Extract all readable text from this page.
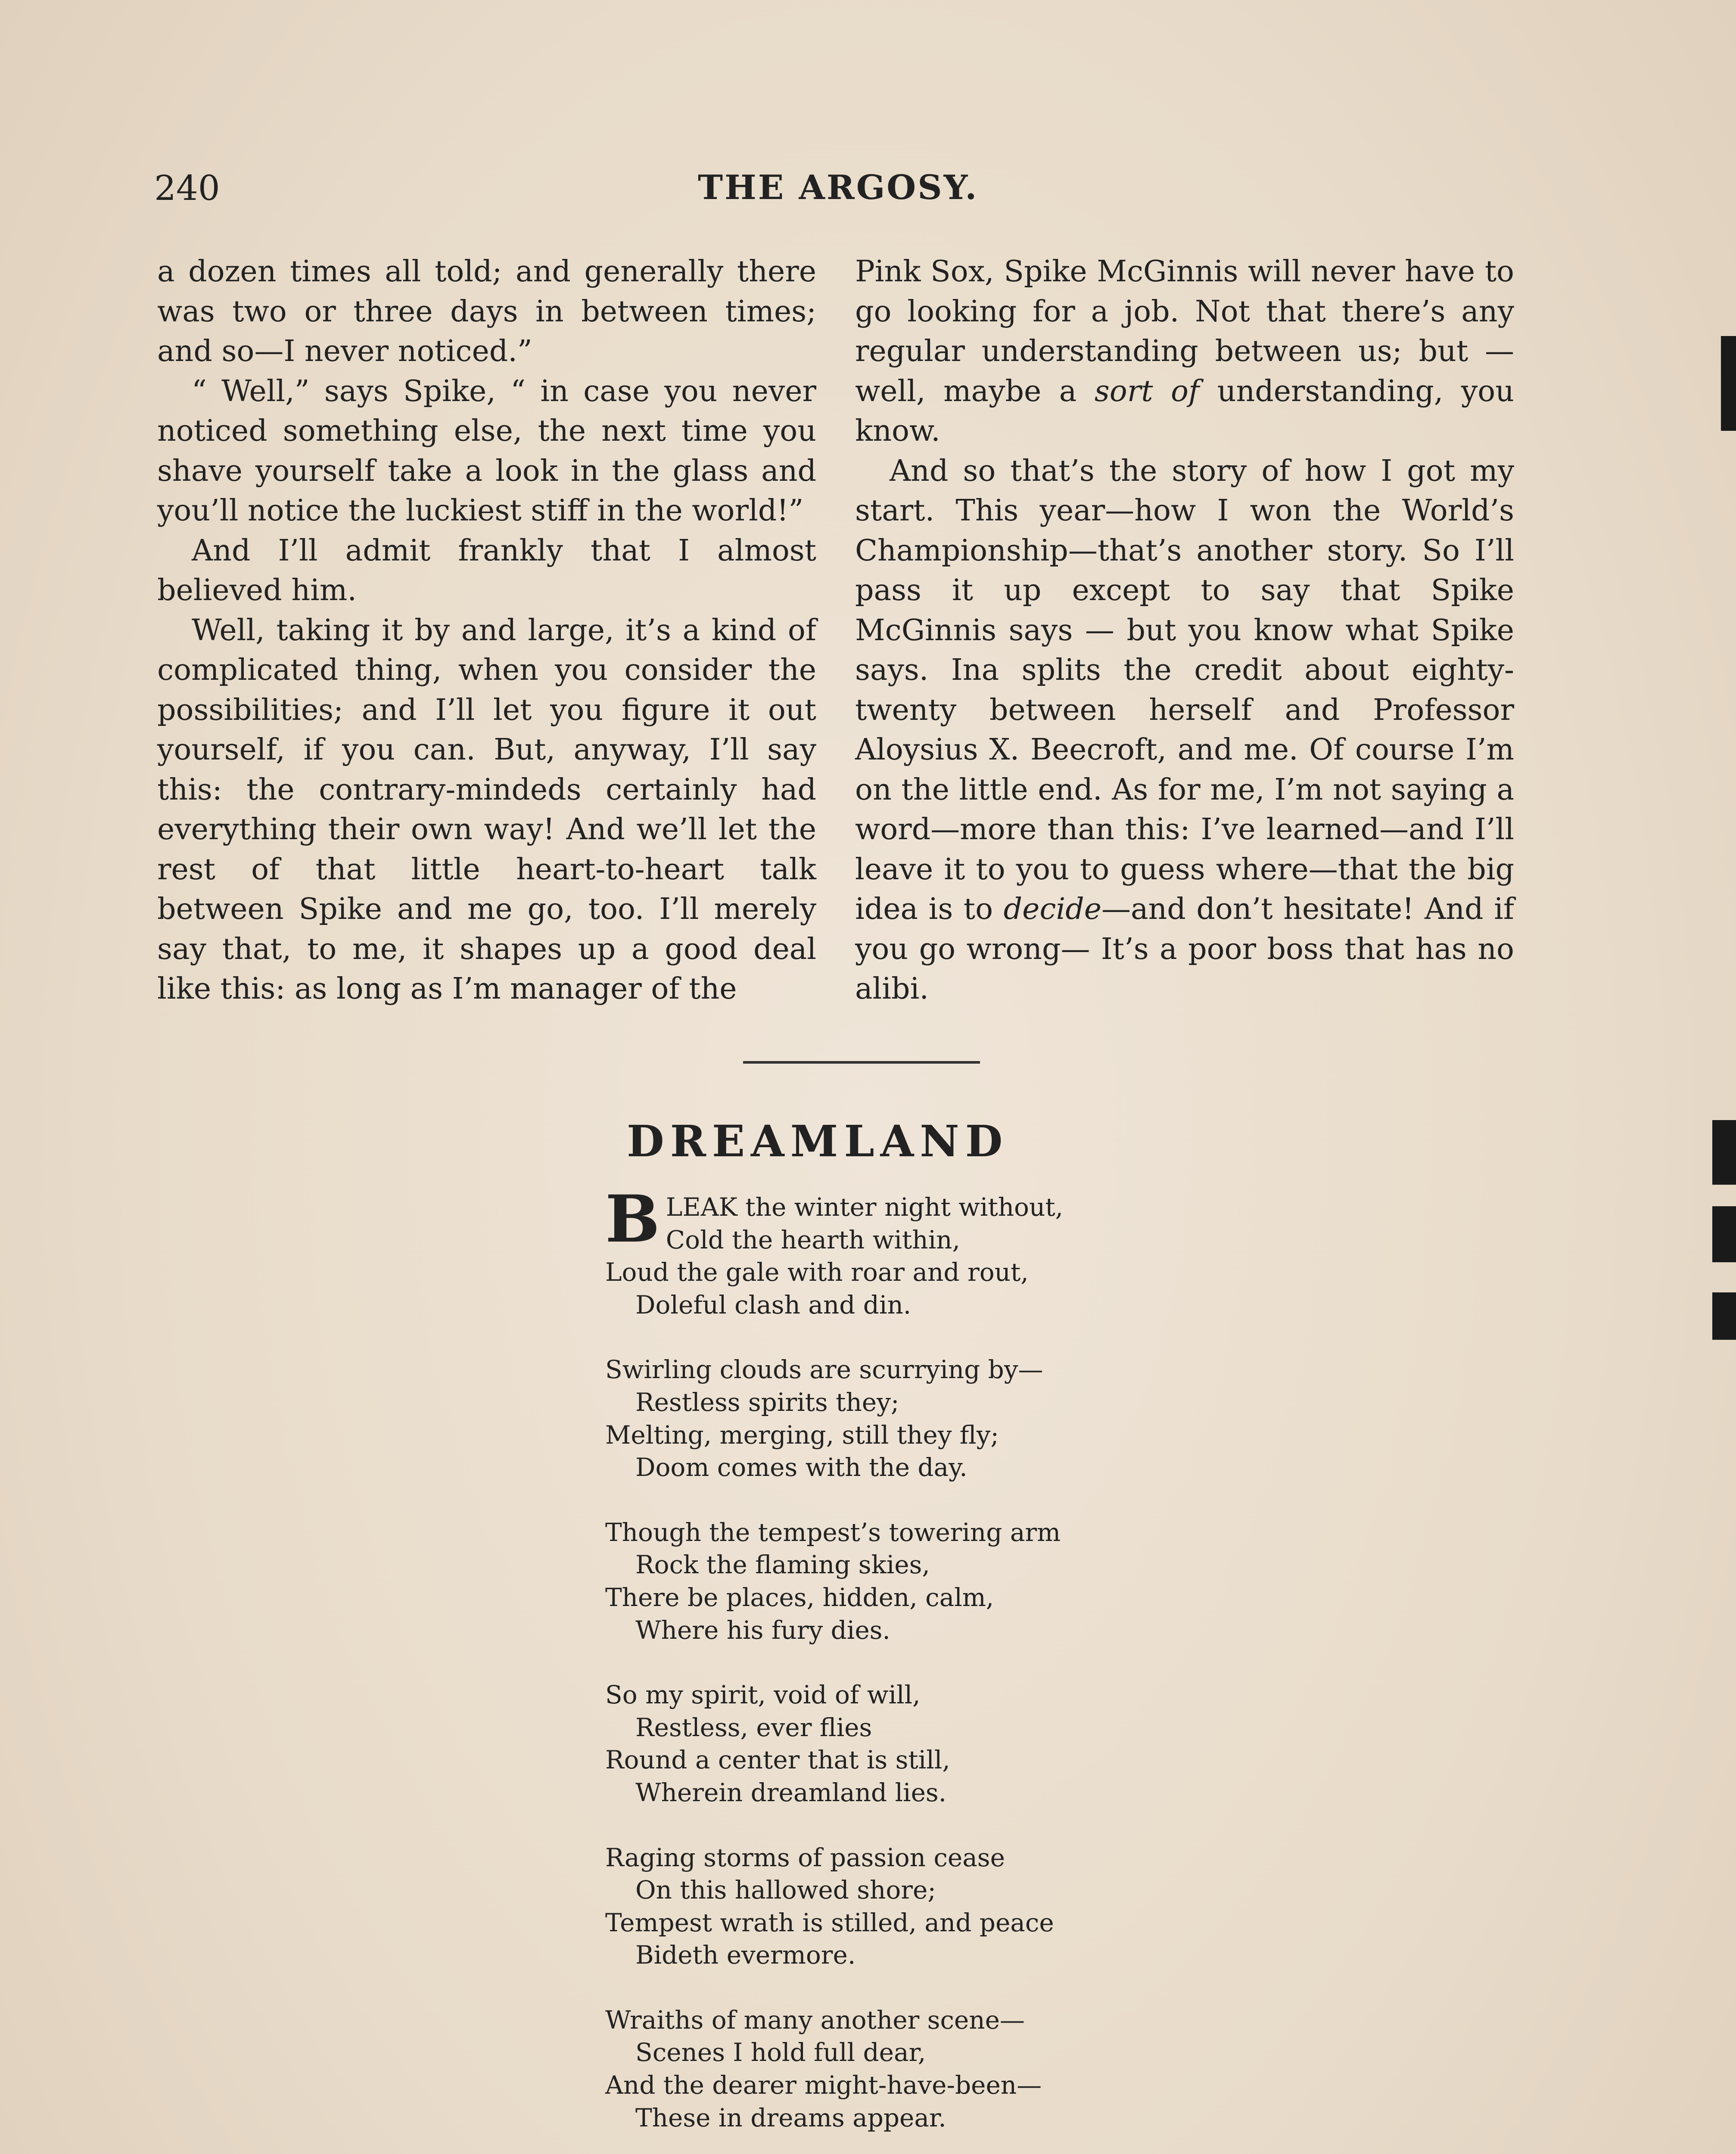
240	THE ARGOSY.

a dozen times all told; and generally there was two or three days in between times; and so—I never noticed.”

“ Well,” says Spike, “ in case you never noticed something else, the next time you shave yourself take a look in the glass and you’ll notice the luckiest stiff in the world!”

And I’ll admit frankly that I almost believed him.

Well, taking it by and large, it’s a kind of complicated thing, when you consider the possibilities; and I’ll let you figure it out yourself, if you can. But, anyway, I’ll say this: the contrary-mindeds certainly had everything their own way! And we’ll let the rest of that little heart-to-heart talk between Spike and me go, too. I’ll merely say that, to me, it shapes up a good deal like this: as long as I’m manager of the

Pink Sox, Spike McGinnis will never have to go looking for a job. Not that there’s any regular understanding between us; but —well, maybe a sort of understanding, you know.

And so that’s the story of how I got my start. This year—how I won the World’s Championship—that’s another story. So I’ll pass it up except to say that Spike McGinnis says — but you know what Spike says. Ina splits the credit about eighty-twenty between herself and Professor Aloysius X. Beecroft, and me. Of course I’m on the little end. As for me, I’m not saying a word—more than this: I’ve learned—and I’ll leave it to you to guess where—that the big idea is to decide—and don’t hesitate! And if you go wrong— It’s a poor boss that has no alibi.

DREAMLAND
B LEAK the winter night without,
Cold the hearth within,
Loud the gale with roar and rout,
Doleful clash and din.
Swirling clouds are scurrying by—
Restless spirits they;
Melting, merging, still they fly;
Doom comes with the day.
Though the tempest’s towering arm
Rock the flaming skies,
There be places, hidden, calm,
Where his fury dies.
So my spirit, void of will,
Restless, ever flies
Round a center that is still,
Wherein dreamland lies.
Raging storms of passion cease
On this hallowed shore;
Tempest wrath is stilled, and peace
Bideth evermore.
Wraiths of many another scene—
Scenes I hold full dear,
And the dearer might-have-been—
These in dreams appear.
